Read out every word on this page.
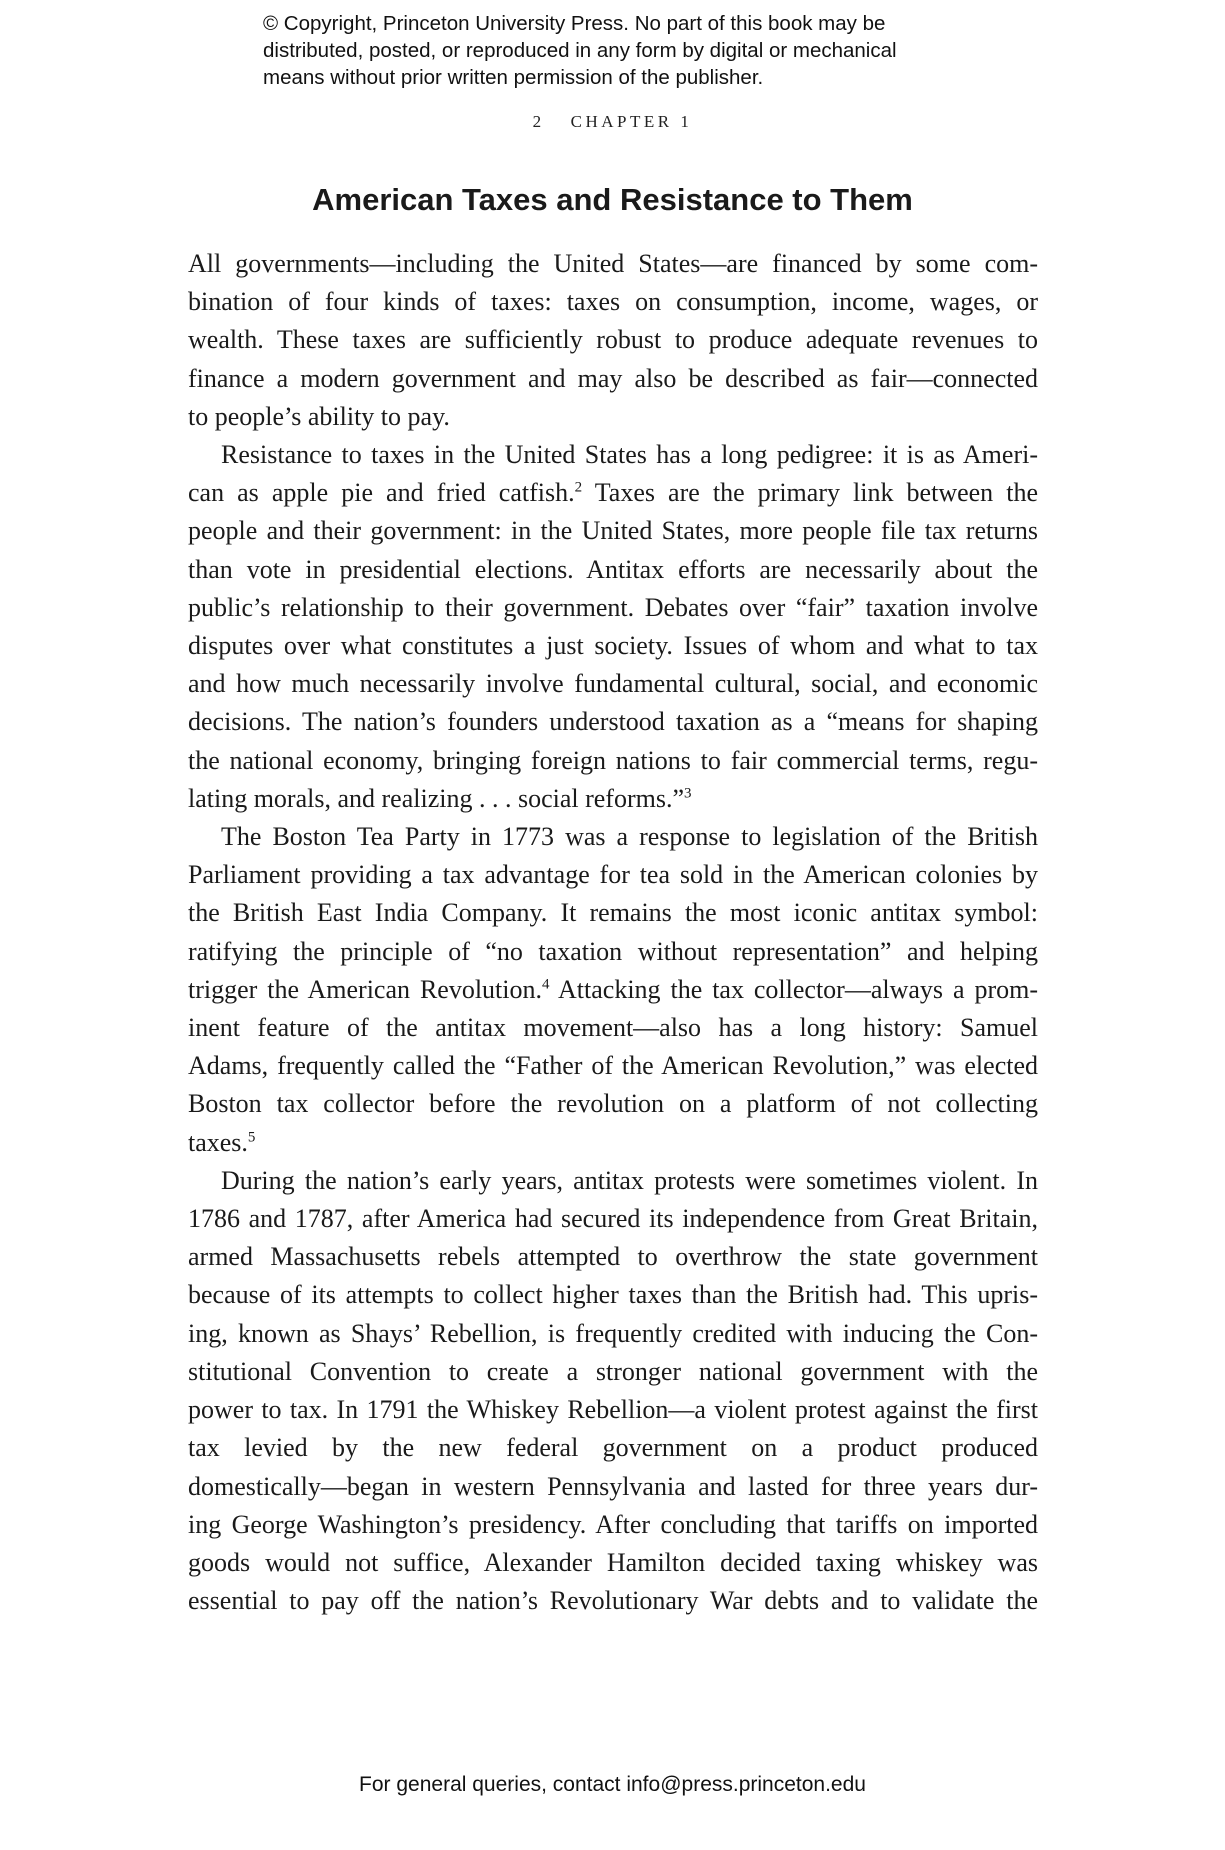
© Copyright, Princeton University Press. No part of this book may be
distributed, posted, or reproduced in any form by digital or mechanical
means without prior written permission of the publisher.
2 CHAPTER 1
American Taxes and Resistance to Them
All governments—including the United States—are financed by some com-
bination of four kinds of taxes: taxes on consumption, income, wages, or
wealth. These taxes are sufficiently robust to produce adequate revenues to
finance a modern government and may also be described as fair—connected
to people’s ability to pay.
Resistance to taxes in the United States has a long pedigree: it is as Ameri-
can as apple pie and fried catfish.$^2$ Taxes are the primary link between the
people and their government: in the United States, more people file tax returns
than vote in presidential elections. Antitax efforts are necessarily about the
public’s relationship to their government. Debates over “fair” taxation involve
disputes over what constitutes a just society. Issues of whom and what to tax
and how much necessarily involve fundamental cultural, social, and economic
decisions. The nation’s founders understood taxation as a “means for shaping
the national economy, bringing foreign nations to fair commercial terms, regu-
lating morals, and realizing . . . social reforms.”$^3$
The Boston Tea Party in 1773 was a response to legislation of the British
Parliament providing a tax advantage for tea sold in the American colonies by
the British East India Company. It remains the most iconic antitax symbol:
ratifying the principle of “no taxation without representation” and helping
trigger the American Revolution.$^4$ Attacking the tax collector—always a prom-
inent feature of the antitax movement—also has a long history: Samuel
Adams, frequently called the “Father of the American Revolution,” was elected
Boston tax collector before the revolution on a platform of not collecting
taxes.$^5$
During the nation’s early years, antitax protests were sometimes violent. In
1786 and 1787, after America had secured its independence from Great Britain,
armed Massachusetts rebels attempted to overthrow the state government
because of its attempts to collect higher taxes than the British had. This upris-
ing, known as Shays’ Rebellion, is frequently credited with inducing the Con-
stitutional Convention to create a stronger national government with the
power to tax. In 1791 the Whiskey Rebellion—a violent protest against the first
tax levied by the new federal government on a product produced
domestically—began in western Pennsylvania and lasted for three years dur-
ing George Washington’s presidency. After concluding that tariffs on imported
goods would not suffice, Alexander Hamilton decided taxing whiskey was
essential to pay off the nation’s Revolutionary War debts and to validate the
For general queries, contact info@press.princeton.edu
